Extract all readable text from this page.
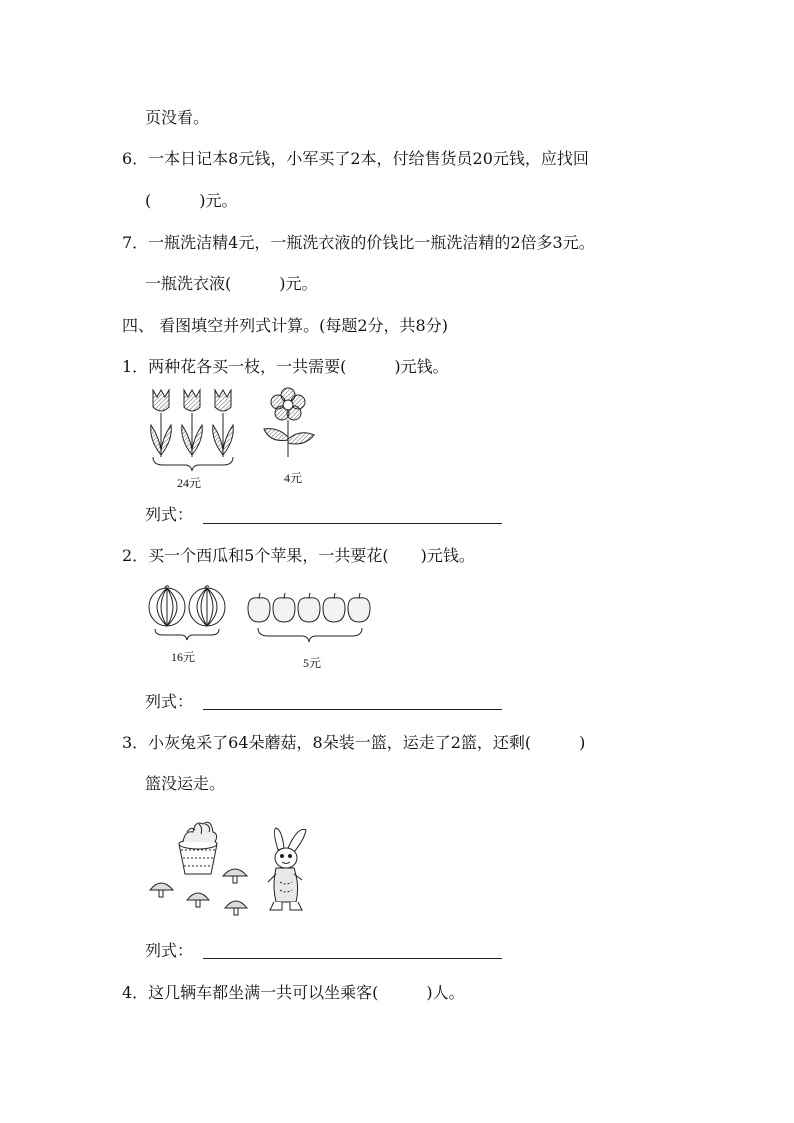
页没看。
6．一本日记本8元钱，小军买了2本，付给售货员20元钱，应找回
(　　　)元。
7．一瓶洗洁精4元，一瓶洗衣液的价钱比一瓶洗洁精的2倍多3元。
一瓶洗衣液(　　　)元。
四、 看图填空并列式计算。(每题2分，共8分)
1．两种花各买一枝，一共需要(　　　)元钱。
24元	4元
列式：
2．买一个西瓜和5个苹果，一共要花(　　)元钱。
16元	5元
列式：
3．小灰兔采了64朵蘑菇，8朵装一篮，运走了2篮，还剩(　　　)
篮没运走。
列式：
4．这几辆车都坐满一共可以坐乘客(　　　)人。
